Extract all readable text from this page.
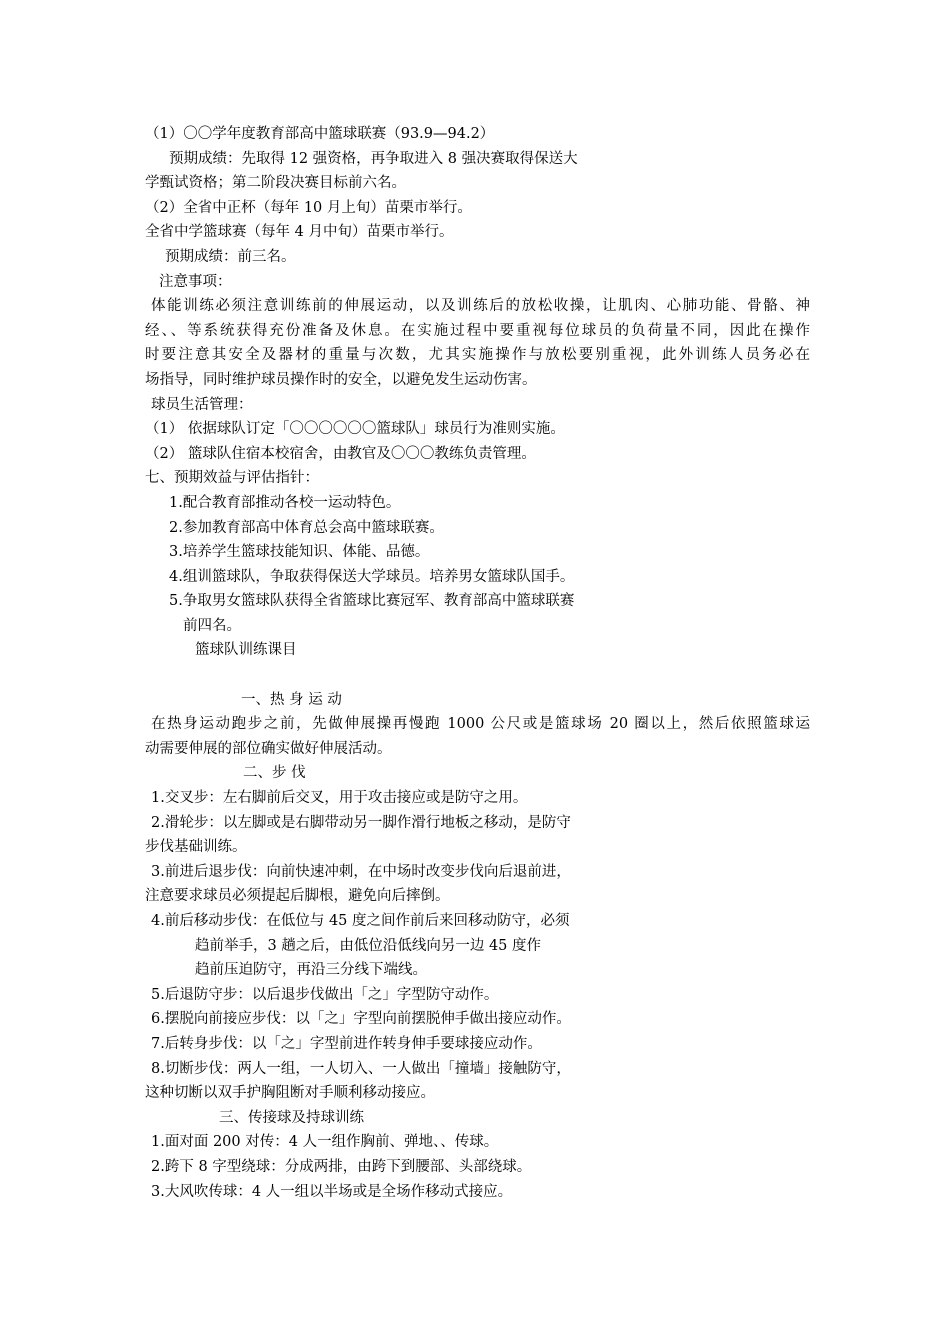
（1）〇〇学年度教育部高中篮球联赛（93.9—94.2）
预期成绩：先取得 12 强资格，再争取进入 8 强决赛取得保送大
学甄试资格；第二阶段决赛目标前六名。
（2）全省中正杯（每年 10 月上旬）苗栗市举行。
全省中学篮球赛（每年 4 月中旬）苗栗市举行。
预期成绩：前三名。
注意事项：
体能训练必须注意训练前的伸展运动，以及训练后的放松收操，让肌肉、心肺功能、骨骼、神
经、、等系统获得充份准备及休息。在实施过程中要重视每位球员的负荷量不同，因此在操作
时要注意其安全及器材的重量与次数，尤其实施操作与放松要别重视，此外训练人员务必在
场指导，同时维护球员操作时的安全，以避免发生运动伤害。
球员生活管理：
（1） 依据球队订定「〇〇〇〇〇〇篮球队」球员行为准则实施。
（2） 篮球队住宿本校宿舍，由教官及〇〇〇教练负责管理。
七、预期效益与评估指针：
1.配合教育部推动各校一运动特色。
2.参加教育部高中体育总会高中篮球联赛。
3.培养学生篮球技能知识、体能、品德。
4.组训篮球队，争取获得保送大学球员。培养男女篮球队国手。
5.争取男女篮球队获得全省篮球比赛冠军、教育部高中篮球联赛
前四名。
篮球队训练课目
一、热 身 运 动
在热身运动跑步之前，先做伸展操再慢跑 1000 公尺或是篮球场 20 圈以上，然后依照篮球运
动需要伸展的部位确实做好伸展活动。
二、步 伐
1.交叉步：左右脚前后交叉，用于攻击接应或是防守之用。
2.滑轮步：以左脚或是右脚带动另一脚作滑行地板之移动，是防守
步伐基础训练。
3.前进后退步伐：向前快速冲刺，在中场时改变步伐向后退前进，
注意要求球员必须提起后脚根，避免向后摔倒。
4.前后移动步伐：在低位与 45 度之间作前后来回移动防守，必须
趋前举手，3 趟之后，由低位沿低线向另一边 45 度作
趋前压迫防守，再沿三分线下端线。
5.后退防守步：以后退步伐做出「之」字型防守动作。
6.摆脱向前接应步伐：以「之」字型向前摆脱伸手做出接应动作。
7.后转身步伐：以「之」字型前进作转身伸手要球接应动作。
8.切断步伐：两人一组，一人切入、一人做出「撞墙」接触防守，
这种切断以双手护胸阻断对手顺利移动接应。
三、传接球及持球训练
1.面对面 200 对传：4 人一组作胸前、弹地、、传球。
2.跨下 8 字型绕球：分成两排，由跨下到腰部、头部绕球。
3.大风吹传球：4 人一组以半场或是全场作移动式接应。
